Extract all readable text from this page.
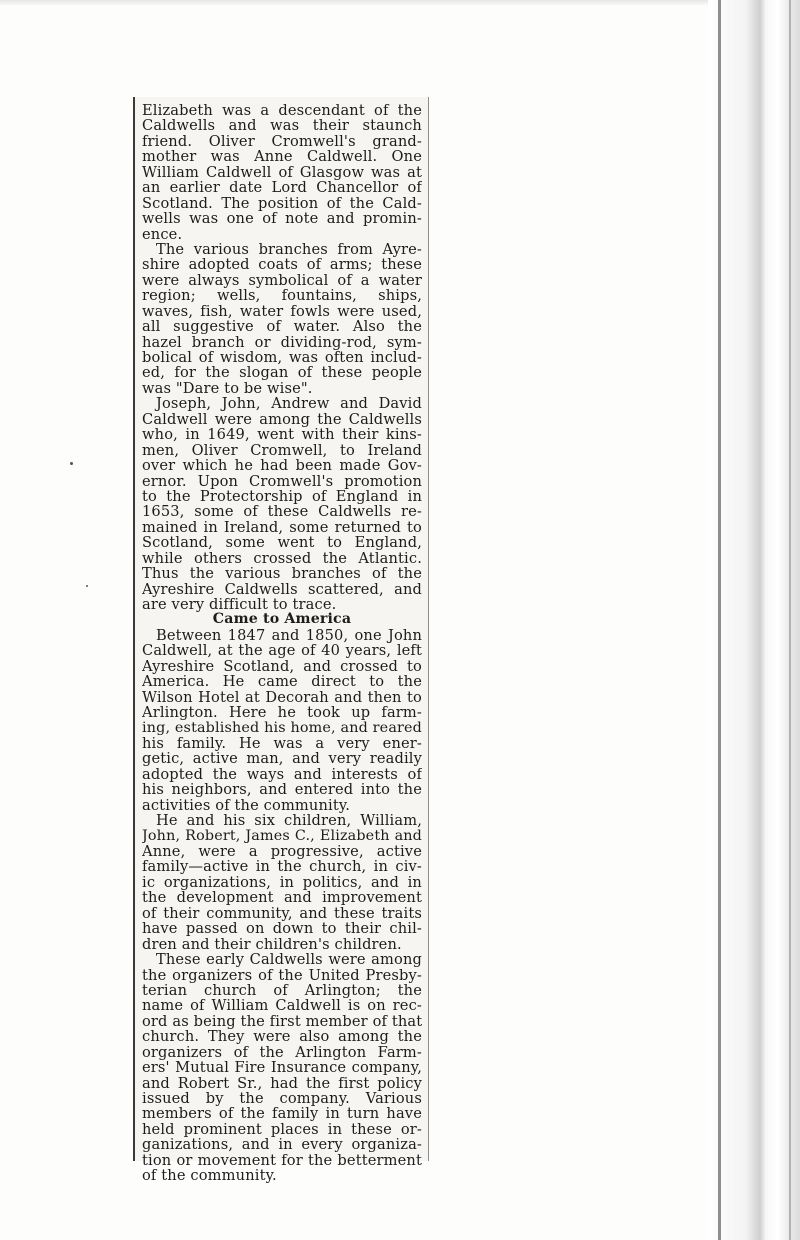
Elizabeth was a descendant of the
Caldwells and was their staunch
friend. Oliver Cromwell's grand-
mother was Anne Caldwell. One
William Caldwell of Glasgow was at
an earlier date Lord Chancellor of
Scotland. The position of the Cald-
wells was one of note and promin-
ence.
The various branches from Ayre-
shire adopted coats of arms; these
were always symbolical of a water
region; wells, fountains, ships,
waves, fish, water fowls were used,
all suggestive of water. Also the
hazel branch or dividing-rod, sym-
bolical of wisdom, was often includ-
ed, for the slogan of these people
was "Dare to be wise".
Joseph, John, Andrew and David
Caldwell were among the Caldwells
who, in 1649, went with their kins-
men, Oliver Cromwell, to Ireland
over which he had been made Gov-
ernor. Upon Cromwell's promotion
to the Protectorship of England in
1653, some of these Caldwells re-
mained in Ireland, some returned to
Scotland, some went to England,
while others crossed the Atlantic.
Thus the various branches of the
Ayreshire Caldwells scattered, and
are very difficult to trace.
Came to America
Between 1847 and 1850, one John
Caldwell, at the age of 40 years, left
Ayreshire Scotland, and crossed to
America. He came direct to the
Wilson Hotel at Decorah and then to
Arlington. Here he took up farm-
ing, established his home, and reared
his family. He was a very ener-
getic, active man, and very readily
adopted the ways and interests of
his neighbors, and entered into the
activities of the community.
He and his six children, William,
John, Robert, James C., Elizabeth and
Anne, were a progressive, active
family—active in the church, in civ-
ic organizations, in politics, and in
the development and improvement
of their community, and these traits
have passed on down to their chil-
dren and their children's children.
These early Caldwells were among
the organizers of the United Presby-
terian church of Arlington; the
name of William Caldwell is on rec-
ord as being the first member of that
church. They were also among the
organizers of the Arlington Farm-
ers' Mutual Fire Insurance company,
and Robert Sr., had the first policy
issued by the company. Various
members of the family in turn have
held prominent places in these or-
ganizations, and in every organiza-
tion or movement for the betterment
of the community.
